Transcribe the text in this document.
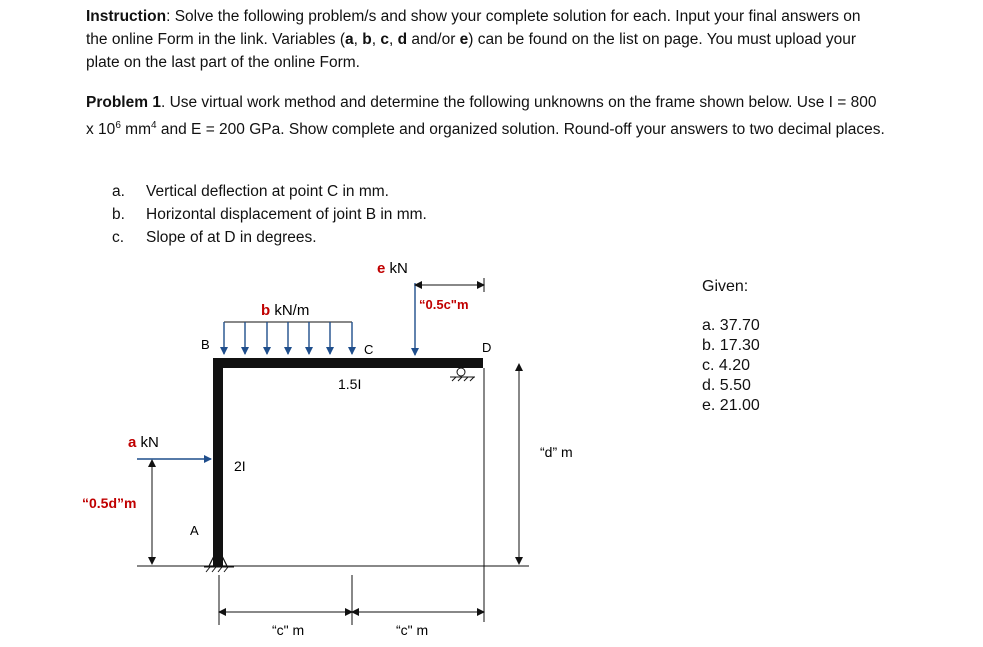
Instruction: Solve the following problem/s and show your complete solution for each. Input your final answers on the online Form in the link. Variables (a, b, c, d and/or e) can be found on the list on page. You must upload your plate on the last part of the online Form.

Problem 1. Use virtual work method and determine the following unknowns on the frame shown below. Use I = 800 x $10^6$ $mm^4$ and E = 200 GPa. Show complete and organized solution. Round-off your answers to two decimal places.

a.	Vertical deflection at point C in mm.
b.	Horizontal displacement of joint B in mm.
c.	Slope of at D in degrees.
e kN
b kN/m	“0.5c"m
B	C	D
1.5I
2I
A
a kN
“0.5d”m
“d” m
“c" m	“c" m
Given:
a. 37.70
b. 17.30
c. 4.20
d. 5.50
e. 21.00
